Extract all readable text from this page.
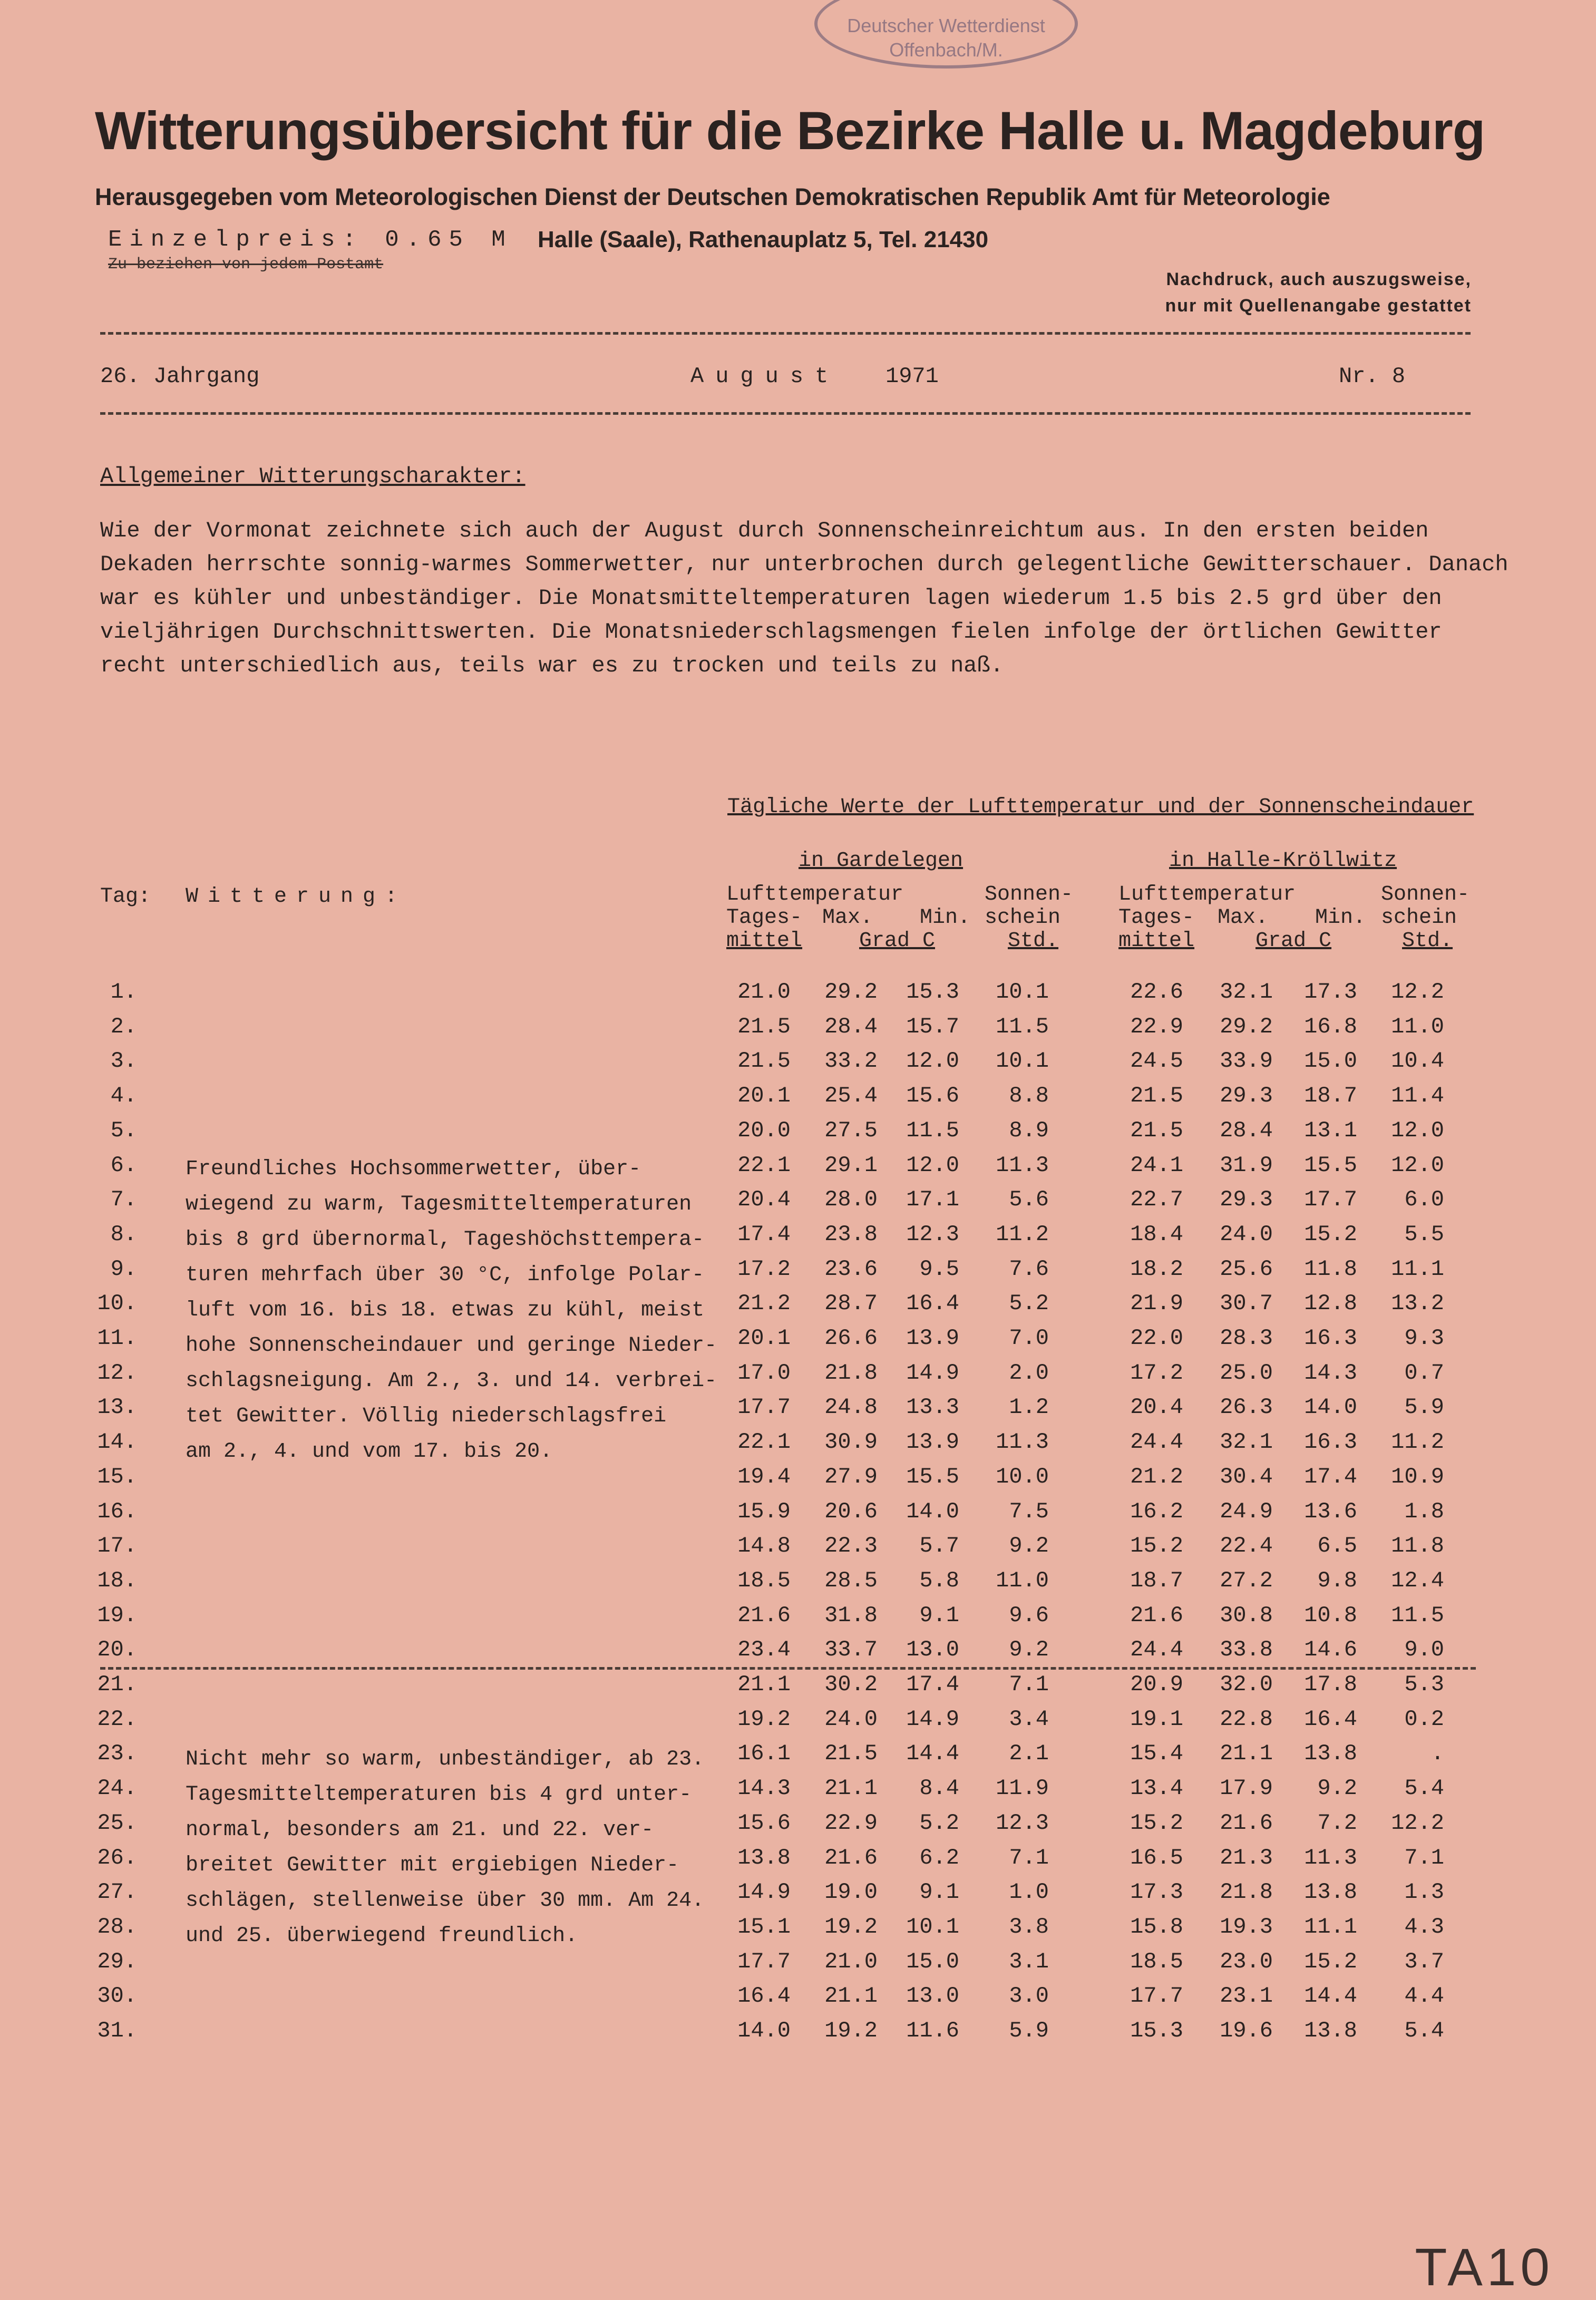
Deutscher Wetterdienst
Offenbach/M.
Witterungsübersicht für die Bezirke Halle u. Magdeburg
Herausgegeben vom Meteorologischen Dienst der Deutschen Demokratischen Republik Amt für Meteorologie
Einzelpreis: 0.65 M Halle (Saale), Rathenauplatz 5, Tel. 21430
Zu beziehen von jedem Postamt
Nachdruck, auch auszugsweise,
nur mit Quellenangabe gestattet
26. Jahrgang	August 1971	Nr. 8
Allgemeiner Witterungscharakter:
Wie der Vormonat zeichnete sich auch der August durch Sonnenscheinreichtum aus. In den ersten beiden Dekaden herrschte sonnig-warmes Sommerwetter, nur unterbrochen durch gelegentliche Gewitterschauer. Danach war es kühler und unbeständiger. Die Monatsmitteltemperaturen lagen wiederum 1.5 bis 2.5 grd über den vieljährigen Durchschnittswerten. Die Monatsniederschlagsmengen fielen infolge der örtlichen Gewitter recht unterschiedlich aus, teils war es zu trocken und teils zu naß.
Tägliche Werte der Lufttemperatur und der Sonnenscheindauer
in Gardelegen	in Halle-Kröllwitz
Tag: Witterung:	Lufttemperatur	Sonnen-
Tages- Max. Min. schein
mittel	Grad C	Std.
Lufttemperatur	Sonnen-
Tages- Max. Min. schein
mittel	Grad C	Std.
1.	21.0	29.2	15.3	10.1	22.6	32.1	17.3	12.2
2.	21.5	28.4	15.7	11.5	22.9	29.2	16.8	11.0
3.	21.5	33.2	12.0	10.1	24.5	33.9	15.0	10.4
4.	20.1	25.4	15.6	8.8	21.5	29.3	18.7	11.4
5.	20.0	27.5	11.5	8.9	21.5	28.4	13.1	12.0
6.	22.1	29.1	12.0	11.3	24.1	31.9	15.5	12.0
7.	20.4	28.0	17.1	5.6	22.7	29.3	17.7	6.0
8.	17.4	23.8	12.3	11.2	18.4	24.0	15.2	5.5
9.	17.2	23.6	9.5	7.6	18.2	25.6	11.8	11.1
10.	21.2	28.7	16.4	5.2	21.9	30.7	12.8	13.2
11.	20.1	26.6	13.9	7.0	22.0	28.3	16.3	9.3
12.	17.0	21.8	14.9	2.0	17.2	25.0	14.3	0.7
13.	17.7	24.8	13.3	1.2	20.4	26.3	14.0	5.9
14.	22.1	30.9	13.9	11.3	24.4	32.1	16.3	11.2
15.	19.4	27.9	15.5	10.0	21.2	30.4	17.4	10.9
16.	15.9	20.6	14.0	7.5	16.2	24.9	13.6	1.8
17.	14.8	22.3	5.7	9.2	15.2	22.4	6.5	11.8
18.	18.5	28.5	5.8	11.0	18.7	27.2	9.8	12.4
19.	21.6	31.8	9.1	9.6	21.6	30.8	10.8	11.5
20.	23.4	33.7	13.0	9.2	24.4	33.8	14.6	9.0
21.	21.1	30.2	17.4	7.1	20.9	32.0	17.8	5.3
22.	19.2	24.0	14.9	3.4	19.1	22.8	16.4	0.2
23.	16.1	21.5	14.4	2.1	15.4	21.1	13.8	.
24.	14.3	21.1	8.4	11.9	13.4	17.9	9.2	5.4
25.	15.6	22.9	5.2	12.3	15.2	21.6	7.2	12.2
26.	13.8	21.6	6.2	7.1	16.5	21.3	11.3	7.1
27.	14.9	19.0	9.1	1.0	17.3	21.8	13.8	1.3
28.	15.1	19.2	10.1	3.8	15.8	19.3	11.1	4.3
29.	17.7	21.0	15.0	3.1	18.5	23.0	15.2	3.7
30.	16.4	21.1	13.0	3.0	17.7	23.1	14.4	4.4
31.	14.0	19.2	11.6	5.9	15.3	19.6	13.8	5.4
Freundliches Hochsommerwetter, über-
wiegend zu warm, Tagesmitteltemperaturen
bis 8 grd übernormal, Tageshöchsttempera-
turen mehrfach über 30 °C, infolge Polar-
luft vom 16. bis 18. etwas zu kühl, meist
hohe Sonnenscheindauer und geringe Nieder-
schlagsneigung. Am 2., 3. und 14. verbrei-
tet Gewitter. Völlig niederschlagsfrei
am 2., 4. und vom 17. bis 20.
Nicht mehr so warm, unbeständiger, ab 23.
Tagesmitteltemperaturen bis 4 grd unter-
normal, besonders am 21. und 22. ver-
breitet Gewitter mit ergiebigen Nieder-
schlägen, stellenweise über 30 mm. Am 24.
und 25. überwiegend freundlich.
TA10
